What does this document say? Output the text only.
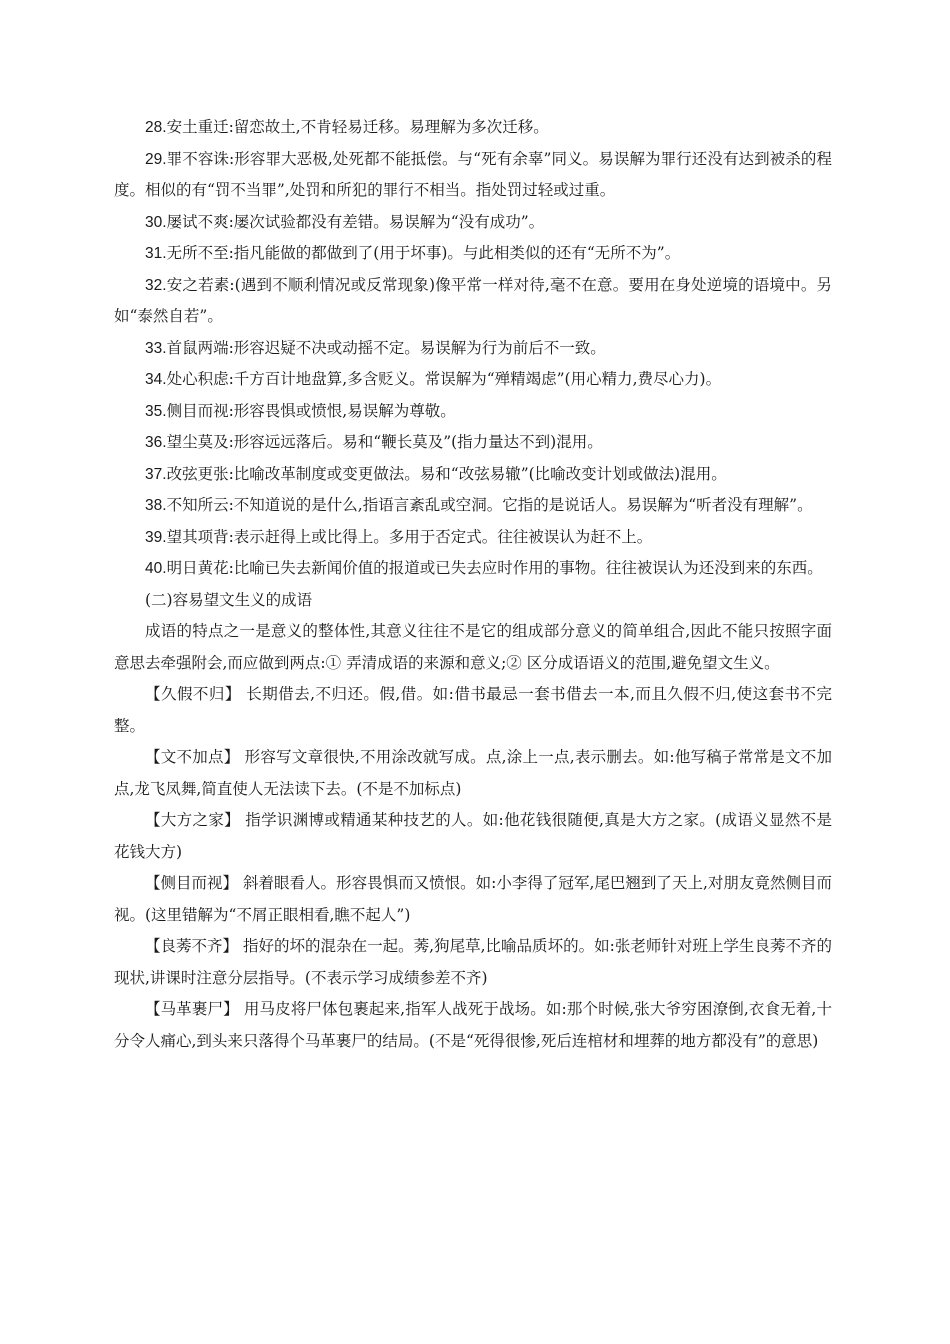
28.安土重迁:留恋故土,不肯轻易迁移。易理解为多次迁移。

29.罪不容诛:形容罪大恶极,处死都不能抵偿。与“死有余辜”同义。易误解为罪行还没有达到被杀的程度。相似的有“罚不当罪”,处罚和所犯的罪行不相当。指处罚过轻或过重。

30.屡试不爽:屡次试验都没有差错。易误解为“没有成功”。

31.无所不至:指凡能做的都做到了(用于坏事)。与此相类似的还有“无所不为”。

32.安之若素:(遇到不顺利情况或反常现象)像平常一样对待,毫不在意。要用在身处逆境的语境中。另如“泰然自若”。

33.首鼠两端:形容迟疑不决或动摇不定。易误解为行为前后不一致。

34.处心积虑:千方百计地盘算,多含贬义。常误解为“殚精竭虑”(用心精力,费尽心力)。

35.侧目而视:形容畏惧或愤恨,易误解为尊敬。

36.望尘莫及:形容远远落后。易和“鞭长莫及”(指力量达不到)混用。

37.改弦更张:比喻改革制度或变更做法。易和“改弦易辙”(比喻改变计划或做法)混用。

38.不知所云:不知道说的是什么,指语言紊乱或空洞。它指的是说话人。易误解为“听者没有理解”。

39.望其项背:表示赶得上或比得上。多用于否定式。往往被误认为赶不上。

40.明日黄花:比喻已失去新闻价值的报道或已失去应时作用的事物。往往被误认为还没到来的东西。

(二)容易望文生义的成语

成语的特点之一是意义的整体性,其意义往往不是它的组成部分意义的简单组合,因此不能只按照字面意思去牵强附会,而应做到两点:① 弄清成语的来源和意义;② 区分成语语义的范围,避免望文生义。

【久假不归】 长期借去,不归还。假,借。如:借书最忌一套书借去一本,而且久假不归,使这套书不完整。

【文不加点】 形容写文章很快,不用涂改就写成。点,涂上一点,表示删去。如:他写稿子常常是文不加点,龙飞凤舞,简直使人无法读下去。(不是不加标点)

【大方之家】 指学识渊博或精通某种技艺的人。如:他花钱很随便,真是大方之家。(成语义显然不是花钱大方)

【侧目而视】 斜着眼看人。形容畏惧而又愤恨。如:小李得了冠军,尾巴翘到了天上,对朋友竟然侧目而视。(这里错解为“不屑正眼相看,瞧不起人”)

【良莠不齐】 指好的坏的混杂在一起。莠,狗尾草,比喻品质坏的。如:张老师针对班上学生良莠不齐的现状,讲课时注意分层指导。(不表示学习成绩参差不齐)

【马革裹尸】 用马皮将尸体包裹起来,指军人战死于战场。如:那个时候,张大爷穷困潦倒,衣食无着,十分令人痛心,到头来只落得个马革裹尸的结局。(不是“死得很惨,死后连棺材和埋葬的地方都没有”的意思)
